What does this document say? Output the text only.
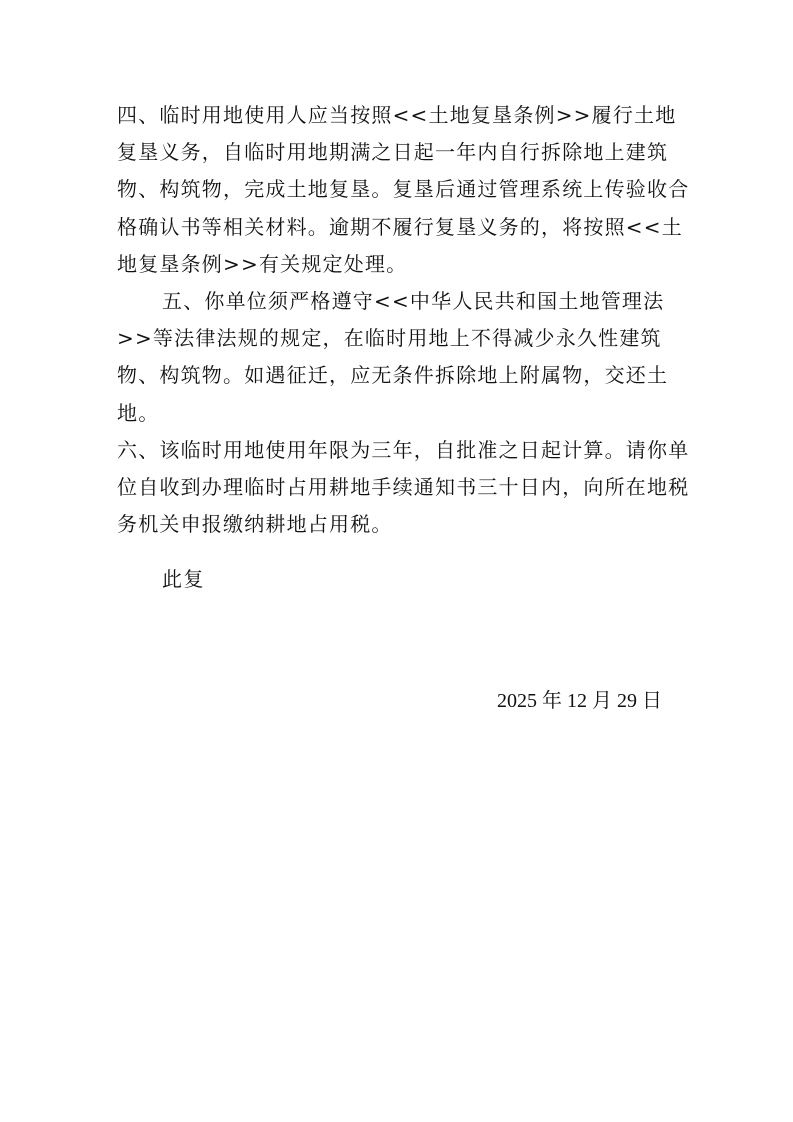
四、临时用地使用人应当按照<<土地复垦条例>>履行土地复垦义务，自临时用地期满之日起一年内自行拆除地上建筑物、构筑物，完成土地复垦。复垦后通过管理系统上传验收合格确认书等相关材料。逾期不履行复垦义务的，将按照<<土地复垦条例>>有关规定处理。

五、你单位须严格遵守<<中华人民共和国土地管理法>>等法律法规的规定，在临时用地上不得减少永久性建筑物、构筑物。如遇征迁，应无条件拆除地上附属物，交还土地。

六、该临时用地使用年限为三年，自批准之日起计算。请你单位自收到办理临时占用耕地手续通知书三十日内，向所在地税务机关申报缴纳耕地占用税。

此复
2025 年 12 月 29 日
